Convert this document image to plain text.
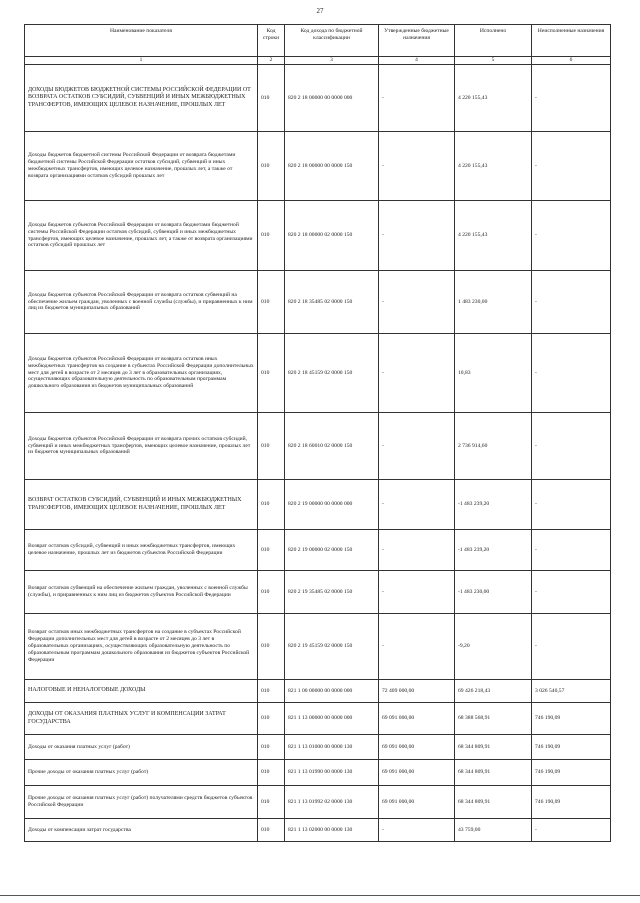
27
Наименование показателя	Код строки	Код дохода по бюджетной классификации	Утвержденные бюджетные назначения	Исполнено	Неисполненные назначения
1	2	3	4	5	6
ДОХОДЫ БЮДЖЕТОВ БЮДЖЕТНОЙ СИСТЕМЫ РОССИЙСКОЙ ФЕДЕРАЦИИ ОТ ВОЗВРАТА ОСТАТКОВ СУБСИДИЙ, СУБВЕНЦИЙ И ИНЫХ МЕЖБЮДЖЕТНЫХ ТРАНСФЕРТОВ, ИМЕЮЩИХ ЦЕЛЕВОЕ НАЗНАЧЕНИЕ, ПРОШЛЫХ ЛЕТ	010	820 2 18 00000 00 0000 000	-	4 220 155,43	-
Доходы бюджетов бюджетной системы Российской Федерации от возврата бюджетами бюджетной системы Российской Федерации остатков субсидий, субвенций и иных межбюджетных трансфертов, имеющих целевое назначение, прошлых лет, а также от возврата организациями остатков субсидий прошлых лет	010	820 2 18 00000 00 0000 150	-	4 220 155,43	-
Доходы бюджетов субъектов Российской Федерации от возврата бюджетами бюджетной системы Российской Федерации остатков субсидий, субвенций и иных межбюджетных трансфертов, имеющих целевое назначение, прошлых лет, а также от возврата организациями остатков субсидий прошлых лет	010	820 2 18 00000 02 0000 150	-	4 220 155,43	-
Доходы бюджетов субъектов Российской Федерации от возврата остатков субвенций на обеспечение жильем граждан, уволенных с военной службы (службы), и приравненных к ним лиц из бюджетов муниципальных образований	010	820 2 18 35485 02 0000 150	-	1 483 230,00	-
Доходы бюджетов субъектов Российской Федерации от возврата остатков иных межбюджетных трансфертов на создание в субъектах Российской Федерации дополнительных мест для детей в возрасте от 2 месяцев до 3 лет в образовательных организациях, осуществляющих образовательную деятельность по образовательным программам дошкольного образования из бюджетов муниципальных образований	010	820 2 18 45159 02 0000 150	-	10,83	-
Доходы бюджетов субъектов Российской Федерации от возврата прочих остатков субсидий, субвенций и иных межбюджетных трансфертов, имеющих целевое назначение, прошлых лет из бюджетов муниципальных образований	010	820 2 18 60010 02 0000 150	-	2 736 914,60	-
ВОЗВРАТ ОСТАТКОВ СУБСИДИЙ, СУБВЕНЦИЙ И ИНЫХ МЕЖБЮДЖЕТНЫХ ТРАНСФЕРТОВ, ИМЕЮЩИХ ЦЕЛЕВОЕ НАЗНАЧЕНИЕ, ПРОШЛЫХ ЛЕТ	010	820 2 19 00000 00 0000 000	-	-1 483 239,20	-
Возврат остатков субсидий, субвенций и иных межбюджетных трансфертов, имеющих целевое назначение, прошлых лет из бюджетов субъектов Российской Федерации	010	820 2 19 00000 02 0000 150	-	-1 483 239,20	-
Возврат остатков субвенций на обеспечение жильем граждан, уволенных с военной службы (службы), и приравненных к ним лиц из бюджетов субъектов Российской Федерации	010	820 2 19 35485 02 0000 150	-	-1 483 230,00	-
Возврат остатков иных межбюджетных трансфертов на создание в субъектах Российской Федерации дополнительных мест для детей в возрасте от 2 месяцев до 3 лет в образовательных организациях, осуществляющих образовательную деятельность по образовательным программам дошкольного образования из бюджетов субъектов Российской Федерации	010	820 2 19 45159 02 0000 150	-	-9,20	-
НАЛОГОВЫЕ И НЕНАЛОГОВЫЕ ДОХОДЫ	010	821 1 00 00000 00 0000 000	72 409 000,00	69 426 218,43	3 026 540,57
ДОХОДЫ ОТ ОКАЗАНИЯ ПЛАТНЫХ УСЛУГ И КОМПЕНСАЦИИ ЗАТРАТ ГОСУДАРСТВА	010	821 1 13 00000 00 0000 000	69 091 000,00	68 388 568,91	746 190,09
Доходы от оказания платных услуг (работ)	010	821 1 13 01000 00 0000 130	69 091 000,00	68 344 809,91	746 190,09
Прочие доходы от оказания платных услуг (работ)	010	821 1 13 01990 00 0000 130	69 091 000,00	68 344 809,91	746 190,09
Прочие доходы от оказания платных услуг (работ) получателями средств бюджетов субъектов Российской Федерации	010	821 1 13 01992 02 0000 130	69 091 000,00	68 344 809,91	746 190,09
Доходы от компенсации затрат государства	010	821 1 13 02000 00 0000 130	-	43 759,00	-
